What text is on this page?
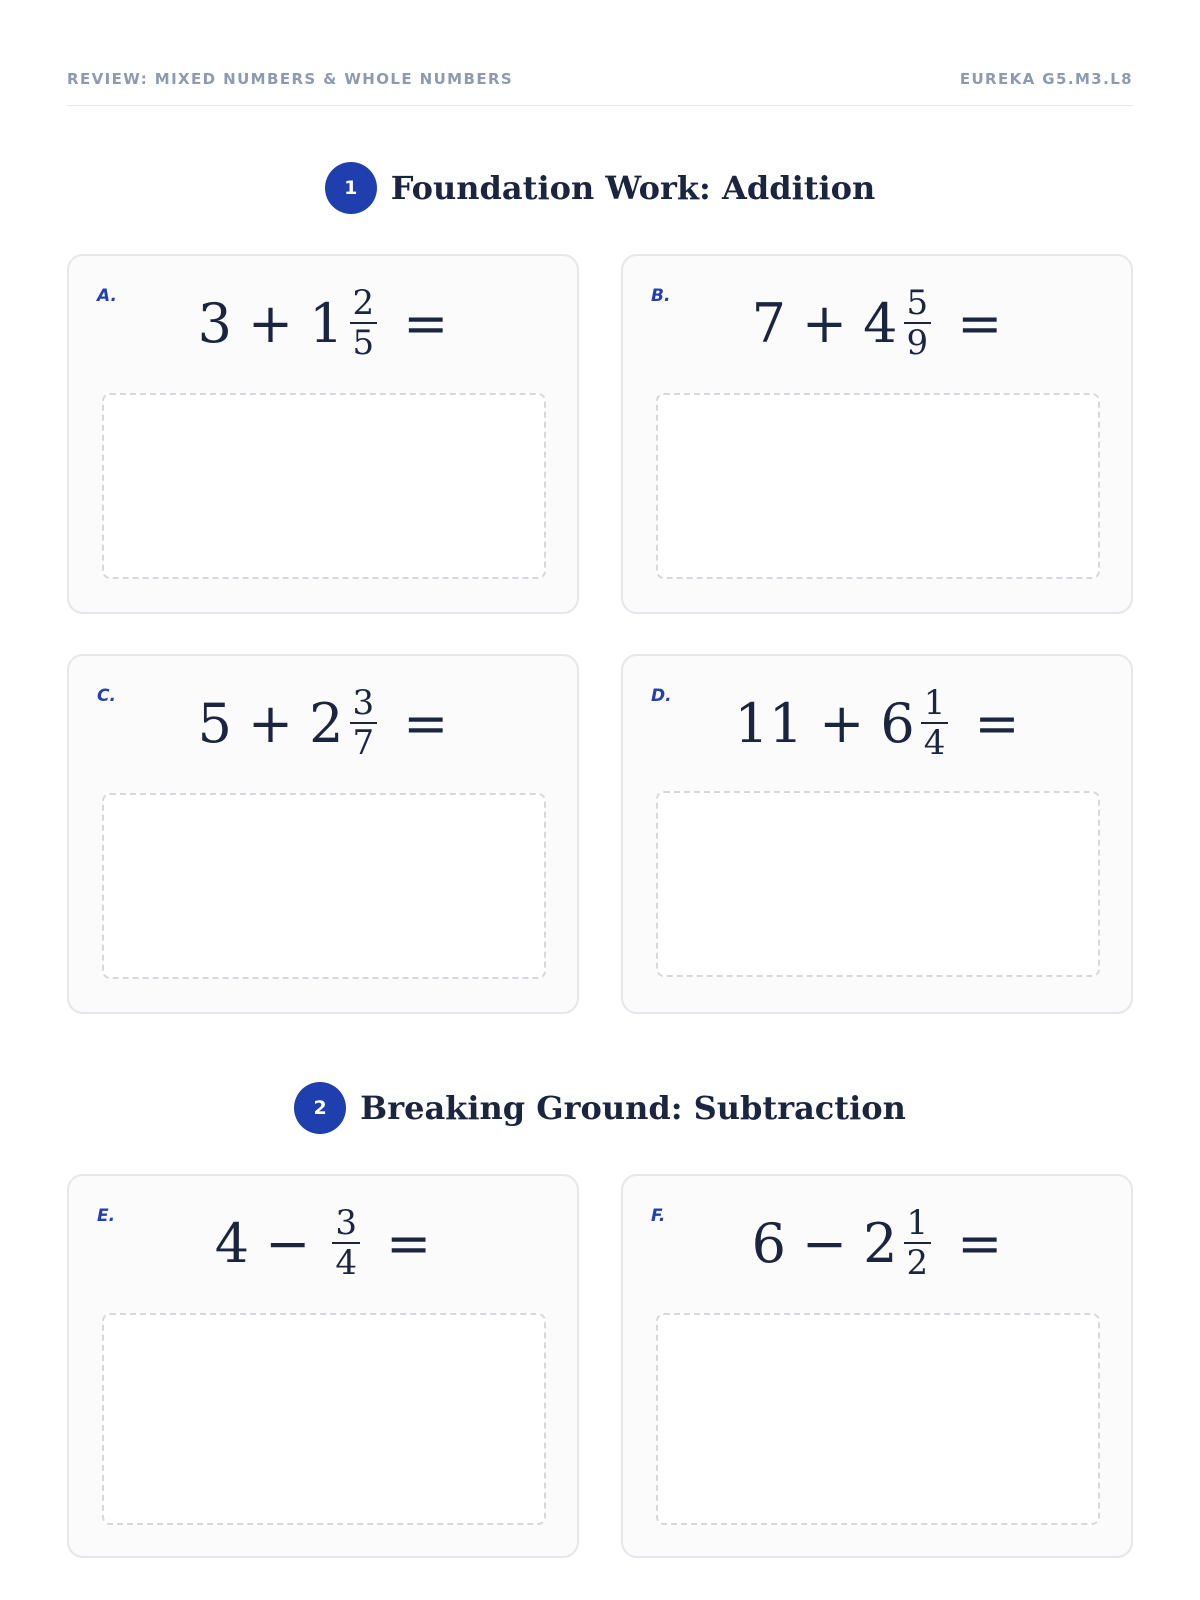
REVIEW: MIXED NUMBERS & WHOLE NUMBERS	EUREKA G5.M3.L8
1	Foundation Work: Addition
A. $3 + 1 \frac{2}{5}$ =	B. $7 + 4 \frac{5}{9}$ =
C. $5 + 2 \frac{3}{7}$ =	D. $11 + 6 \frac{1}{4}$ =
2	Breaking Ground: Subtraction
E. $4 - \frac{3}{4}$ =	F. $6 - 2 \frac{1}{2}$ =
